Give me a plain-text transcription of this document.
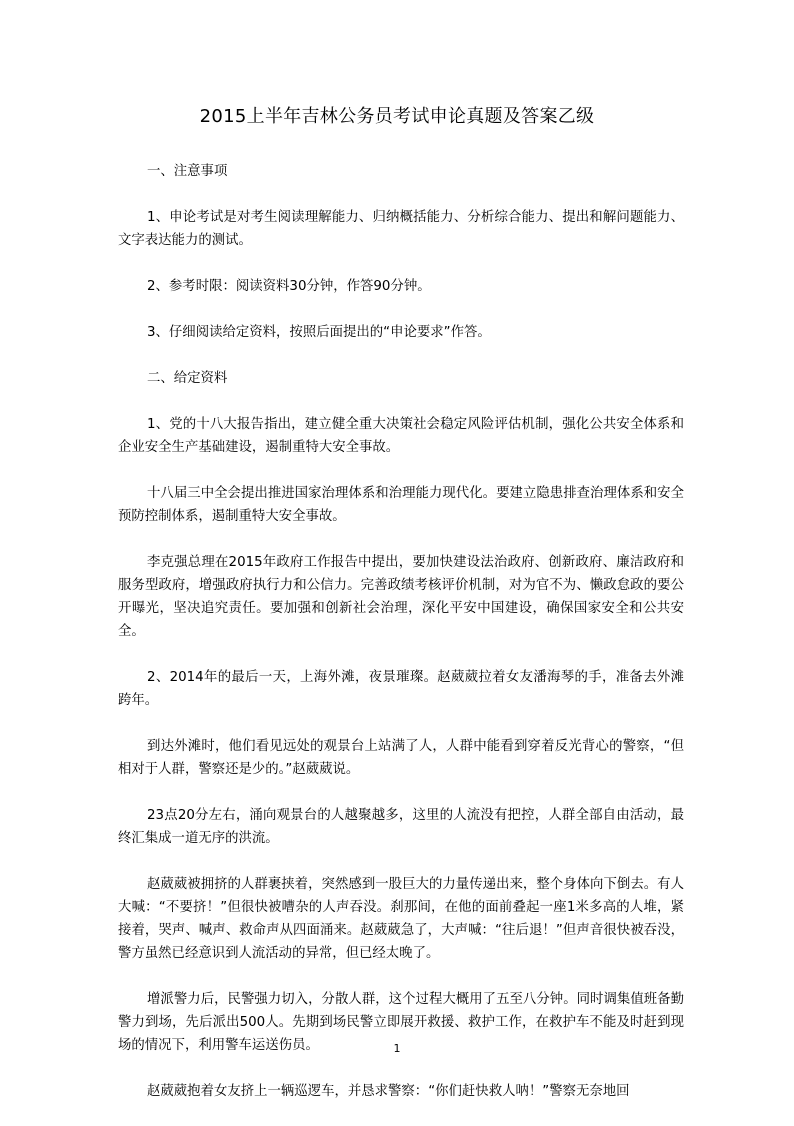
2015上半年吉林公务员考试申论真题及答案乙级

一、注意事项

1、申论考试是对考生阅读理解能力、归纳概括能力、分析综合能力、提出和解问题能力、文字表达能力的测试。

2、参考时限：阅读资料30分钟，作答90分钟。

3、仔细阅读给定资料，按照后面提出的“申论要求”作答。

二、给定资料

1、党的十八大报告指出，建立健全重大决策社会稳定风险评估机制，强化公共安全体系和企业安全生产基础建设，遏制重特大安全事故。

十八届三中全会提出推进国家治理体系和治理能力现代化。要建立隐患排查治理体系和安全预防控制体系，遏制重特大安全事故。

李克强总理在2015年政府工作报告中提出，要加快建设法治政府、创新政府、廉洁政府和服务型政府，增强政府执行力和公信力。完善政绩考核评价机制，对为官不为、懒政怠政的要公开曝光，坚决追究责任。要加强和创新社会治理，深化平安中国建设，确保国家安全和公共安全。

2、2014年的最后一天，上海外滩，夜景璀璨。赵葳葳拉着女友潘海琴的手，准备去外滩跨年。

到达外滩时，他们看见远处的观景台上站满了人，人群中能看到穿着反光背心的警察，“但相对于人群，警察还是少的。”赵葳葳说。

23点20分左右，涌向观景台的人越聚越多，这里的人流没有把控，人群全部自由活动，最终汇集成一道无序的洪流。

赵葳葳被拥挤的人群裹挟着，突然感到一股巨大的力量传递出来，整个身体向下倒去。有人大喊：“不要挤！”但很快被嘈杂的人声吞没。刹那间，在他的面前叠起一座1米多高的人堆，紧接着，哭声、喊声、救命声从四面涌来。赵葳葳急了，大声喊：“往后退！”但声音很快被吞没，警方虽然已经意识到人流活动的异常，但已经太晚了。

增派警力后，民警强力切入，分散人群，这个过程大概用了五至八分钟。同时调集值班备勤警力到场，先后派出500人。先期到场民警立即展开救援、救护工作，在救护车不能及时赶到现场的情况下，利用警车运送伤员。

赵葳葳抱着女友挤上一辆巡逻车，并恳求警察：“你们赶快救人呐！”警察无奈地回

1
